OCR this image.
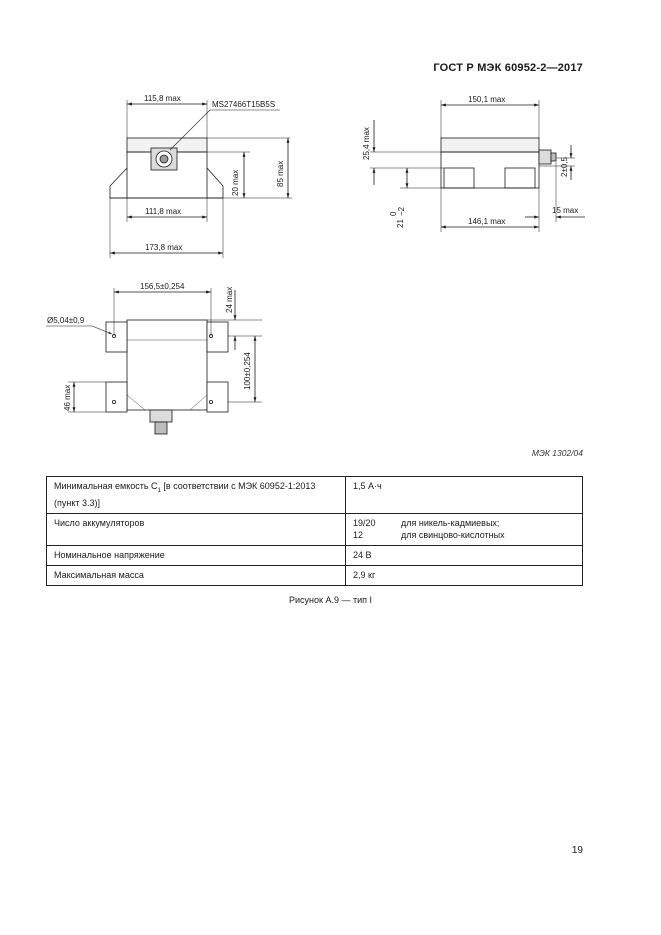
ГОСТ Р МЭК 60952-2—2017
115,8 max
MS27466T15B5S
20 max	85 max
111,8 max
173,8 max
150,1 max
25,4 max
2±0,5
21
0 −2
146,1 max
15 max
156,5±0,254
24 max
Ø5,04±0,9
100±0,254
46 max
МЭК 1302/04
Минимальная емкость $C_1$ [в соответствии с МЭК 60952-1:2013 (пункт 3.3)]	1,5 А·ч
Число аккумуляторов	19/20 для никель-кадмиевых;
12 для свинцово-кислотных

Номинальное напряжение	24 В
Максимальная масса	2,9 кг
Рисунок А.9 — тип I
19
